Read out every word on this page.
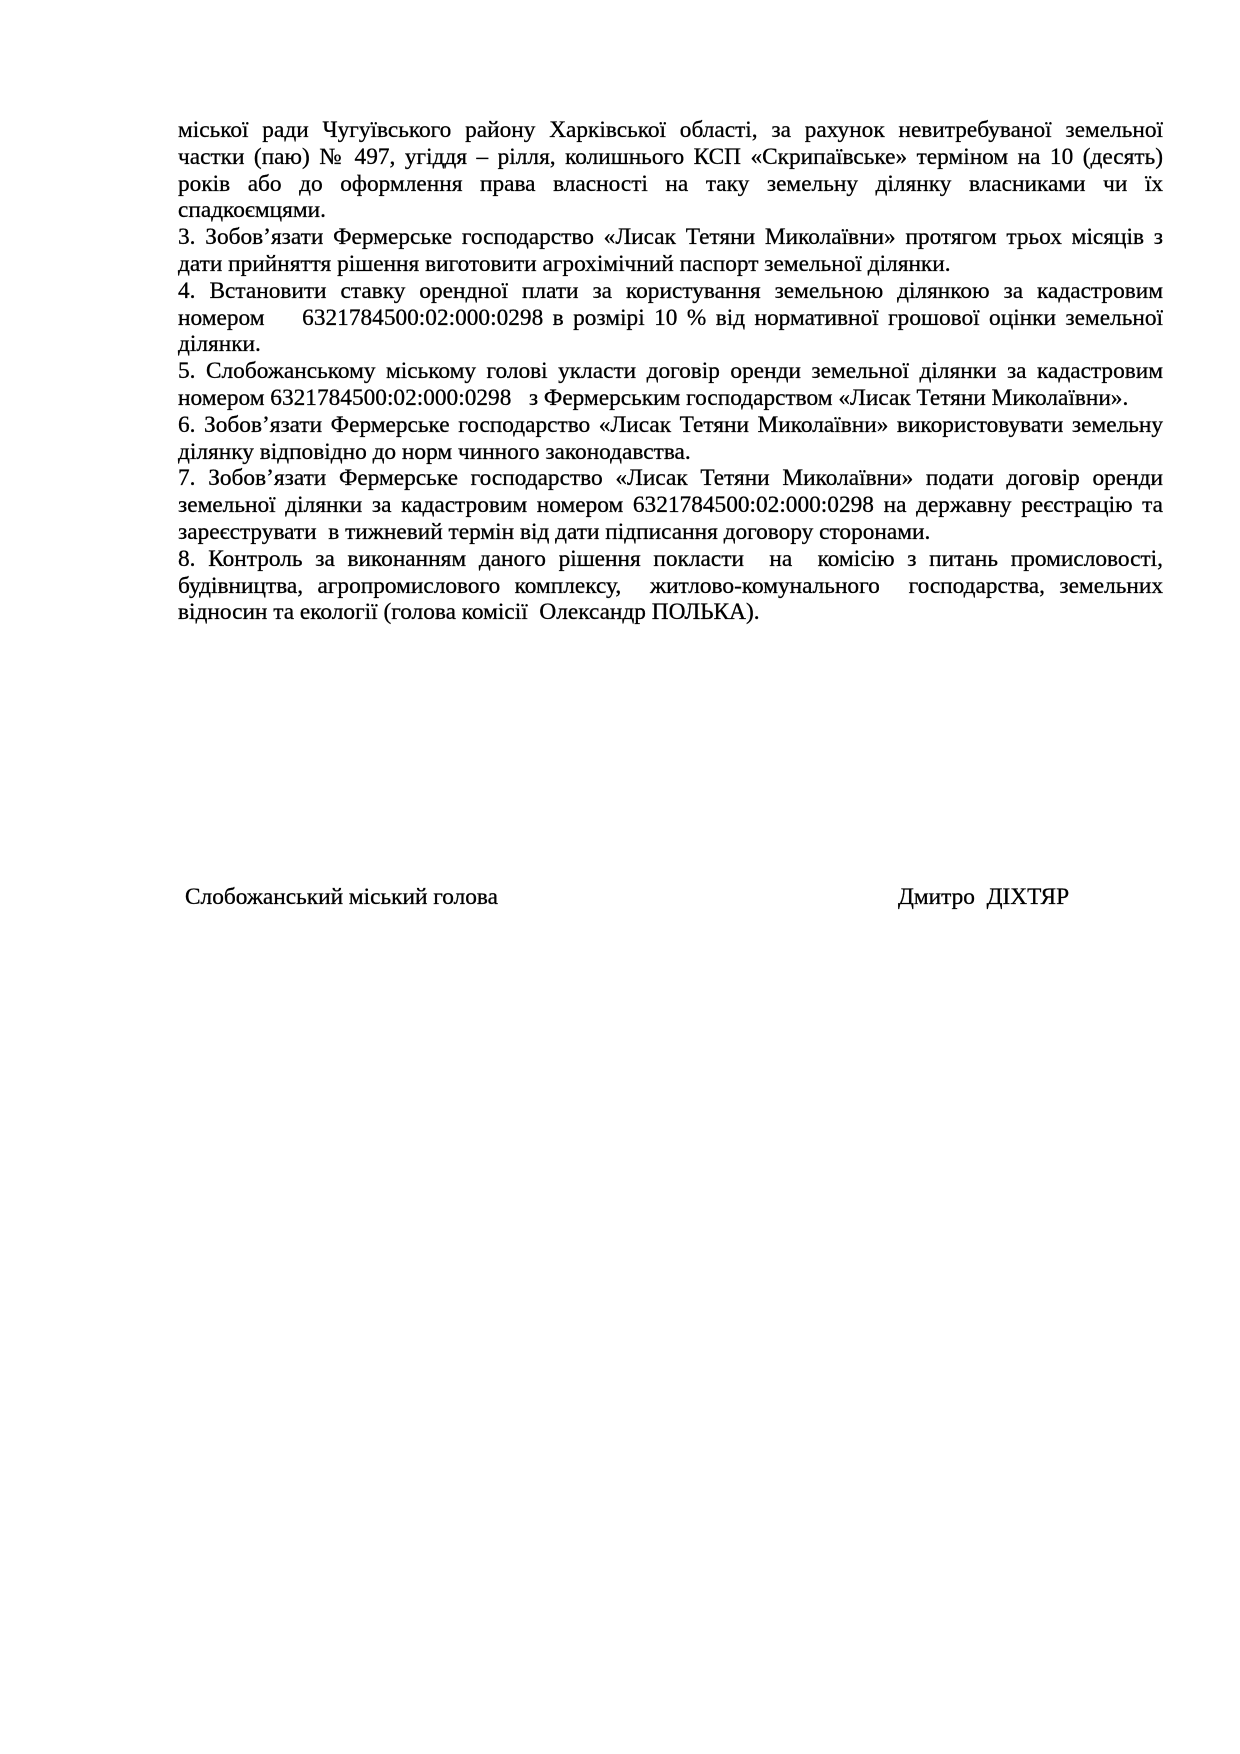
міської ради Чугуївського району Харківської області, за рахунок невитребуваної земельної частки (паю) № 497, угіддя – рілля, колишнього КСП «Скрипаївське» терміном на 10 (десять) років або до оформлення права власності на таку земельну ділянку власниками чи їх спадкоємцями.

3. Зобов’язати Фермерське господарство «Лисак Тетяни Миколаївни» протягом трьох місяців з дати прийняття рішення виготовити агрохімічний паспорт земельної ділянки.

4. Встановити ставку орендної плати за користування земельною ділянкою за кадастровим номером    6321784500:02:000:0298 в розмірі 10 % від нормативної грошової оцінки земельної ділянки.

5. Слобожанському міському голові укласти договір оренди земельної ділянки за кадастровим номером 6321784500:02:000:0298   з Фермерським господарством «Лисак Тетяни Миколаївни».

6. Зобов’язати Фермерське господарство «Лисак Тетяни Миколаївни» використовувати земельну ділянку відповідно до норм чинного законодавства.

7. Зобов’язати Фермерське господарство «Лисак Тетяни Миколаївни» подати договір оренди земельної ділянки за кадастровим номером 6321784500:02:000:0298 на державну реєстрацію та зареєструвати  в тижневий термін від дати підписання договору сторонами.

8. Контроль за виконанням даного рішення покласти  на  комісію з питань промисловості, будівництва, агропромислового комплексу,  житлово-комунального  господарства, земельних відносин та екології (голова комісії  Олександр ПОЛЬКА).

Слобожанський міський голова	Дмитро  ДІХТЯР
